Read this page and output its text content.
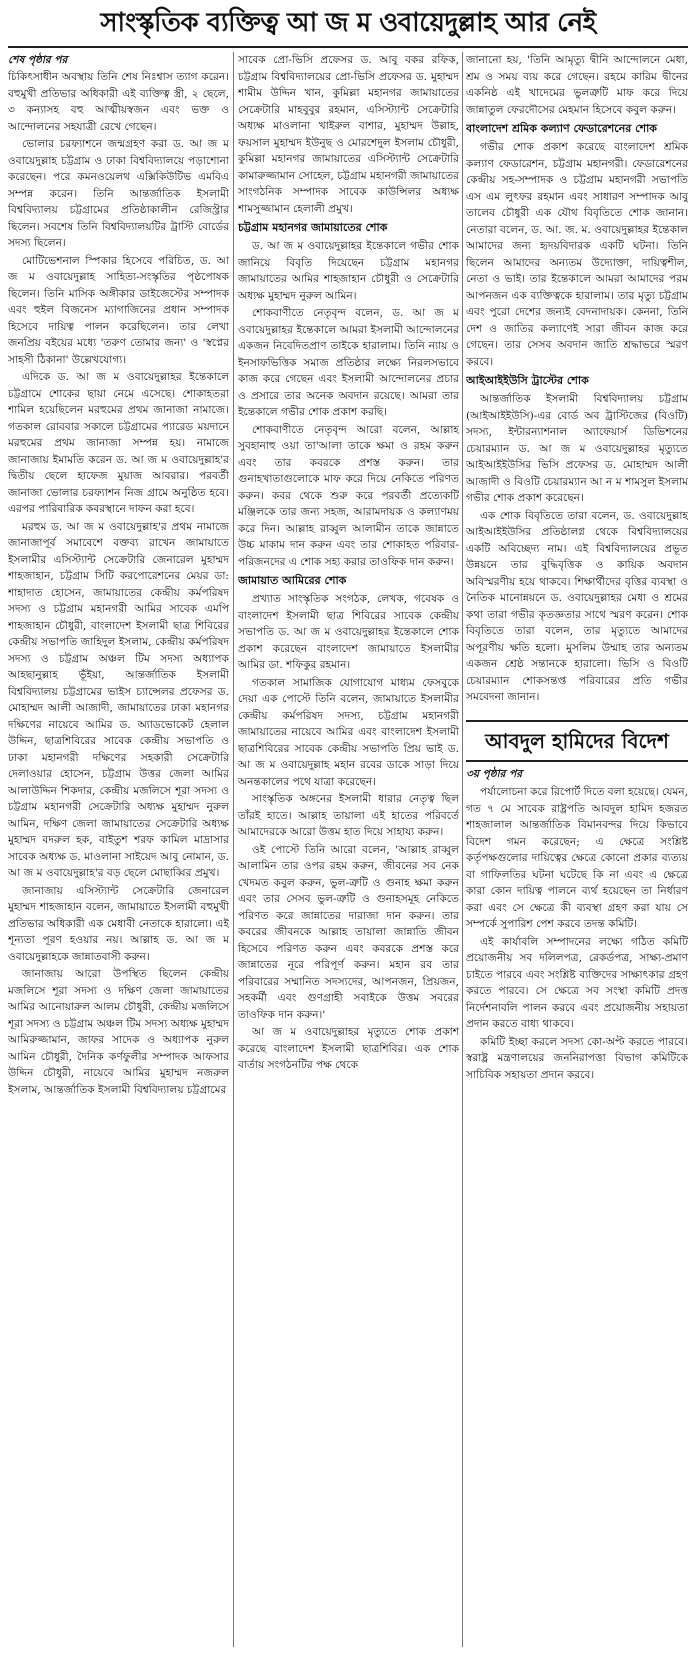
সাংস্কৃতিক ব্যক্তিত্ব আ জ ম ওবায়েদুল্লাহ আর নেই
শেষ পৃষ্ঠার পর

চিকিৎসাধীন অবস্থায় তিনি শেষ নিঃশ্বাস ত্যাগ করেন। বহুমুখী প্রতিভার অধিকারী এই ব্যক্তিত্ব স্ত্রী, ২ ছেলে, ৩ কন্যাসহ বহু আত্মীয়স্বজন এবং ভক্ত ও আন্দোলনের সহযাত্রী রেখে গেছেন।

ভোলার চরফ্যাশনে জন্মগ্রহণ করা ড. আ জ ম ওবায়েদুল্লাহ চট্টগ্রাম ও ঢাকা বিশ্ববিদ্যালয়ে পড়াশোনা করেছেন। পরে কমনওয়েলথ এক্সিকিউটিভ এমবিএ সম্পন্ন করেন। তিনি আন্তর্জাতিক ইসলামী বিশ্ববিদ্যালয় চট্টগ্রামের প্রতিষ্ঠাকালীন রেজিস্ট্রার ছিলেন। সবশেষ তিনি বিশ্ববিদ্যালয়টির ট্রাস্টি বোর্ডের সদস্য ছিলেন।

মোটিভেশনাল স্পিকার হিসেবে পরিচিত, ড. আ জ ম ওবায়েদুল্লাহ সাহিত্য-সংস্কৃতির পৃষ্ঠপোষক ছিলেন। তিনি মাসিক অঙ্গীকার ডাইজেস্টের সম্পাদক এবং হুইল বিজনেস ম্যাগাজিনের প্রধান সম্পাদক হিসেবে দায়িত্ব পালন করেছিলেন। তার লেখা জনপ্রিয় বইয়ের মধ্যে 'তরুণ তোমার জন্য' ও 'স্বপ্নের সাহসী ঠিকানা' উল্লেখযোগ্য।

এদিকে ড. আ জ ম ওবায়েদুল্লাহর ইন্তেকালে চট্টগ্রামে শোকের ছায়া নেমে এসেছে। শোকাহতরা শামিল হয়েছিলেন মরহুমের প্রথম জানাজা নামাজে। গতকাল রোববার সকালে চট্টগ্রামের প্যারেড ময়দানে মরহুমের প্রথম জানাজা সম্পন্ন হয়। নামাজে জানাজায় ইমামতি করেন ড. আ জ ম ওবায়েদুল্লাহ'র দ্বিতীয় ছেলে হাফেজ মুয়াজ আবরার। পরবর্তী জানাজা ভোলার চরফ্যাশন নিজ গ্রামে অনুষ্ঠিত হবে। এরপর পারিবারিক কবরস্থানে দাফন করা হবে।

মরহুম ড. আ জ ম ওবায়েদুল্লাহ'র প্রথম নামাজে জানাজাপূর্ব সমাবেশে বক্তব্য রাখেন জামায়াতে ইসলামীর এসিস্ট্যান্ট সেক্রেটারি জেনারেল মুহাম্মদ শাহজাহান, চট্টগ্রাম সিটি করপোরেশনের মেয়র ডা: শাহাদাত হোসেন, জামায়াতের কেন্দ্রীয় কর্মপরিষদ সদস্য ও চট্টগ্রাম মহানগরী আমির সাবেক এমপি শাহজাহান চৌধুরী, বাংলাদেশ ইসলামী ছাত্র শিবিরের কেন্দ্রীয় সভাপতি জাহিদুল ইসলাম, কেন্দ্রীয় কর্মপরিষদ সদস্য ও চট্টগ্রাম অঞ্চল টিম সদস্য অধ্যাপক আহছানুল্লাহ ভূঁইয়া, আন্তর্জাতিক ইসলামী বিশ্ববিদ্যালয় চট্টগ্রামের ভাইস চ্যান্সেলর প্রফেসর ড. মোহাম্মদ আলী আজাদী, জামায়াতের ঢাকা মহানগর দক্ষিণের নায়েবে আমির ড. অ্যাডভোকেট হেলাল উদ্দিন, ছাত্রশিবিরের সাবেক কেন্দ্রীয় সভাপতি ও ঢাকা মহানগরী দক্ষিণের সহকারী সেক্রেটারি দেলাওয়ার হোসেন, চট্টগ্রাম উত্তর জেলা আমির আলাউদ্দিন শিকদার, কেন্দ্রীয় মজলিসে শূরা সদস্য ও চট্টগ্রাম মহানগরী সেক্রেটারি অধ্যক্ষ মুহাম্মদ নুরুল আমিন, দক্ষিণ জেলা জামায়াতের সেক্রেটারি অধ্যক্ষ মুহাম্মদ বদরুল হক, বাইতুশ শরফ কামিল মাদ্রাসার সাবেক অধ্যক্ষ ড. মাওলানা সাইয়েদ আবু নোমান, ড. আ জ ম ওবায়েদুল্লাহ'র বড় ছেলে মোছাব্বির প্রমুখ।

জানাজায় এসিস্ট্যান্ট সেক্রেটারি জেনারেল মুহাম্মদ শাহজাহান বলেন, জামায়াতে ইসলামী বহুমুখী প্রতিভার অধিকারী এক মেধাবী নেতাকে হারালো। এই শূন্যতা পূরণ হওয়ার নয়। আল্লাহ ড. আ জ ম ওবায়েদুল্লাহকে জান্নাতবাসী করুন।

জানাজায় আরো উপস্থিত ছিলেন কেন্দ্রীয় মজলিসে শূরা সদস্য ও দক্ষিণ জেলা জামায়াতের আমির আনোয়ারুল আলম চৌধুরী, কেন্দ্রীয় মজলিসে শূরা সদস্য ও চট্টগ্রাম অঞ্চল টিম সদস্য অধ্যক্ষ মুহাম্মদ আমিরুজ্জামান, জাফর সাদেক ও অধ্যাপক নুরুল আমিন চৌধুরী, দৈনিক কর্ণফুলীর সম্পাদক আফসার উদ্দিন চৌধুরী, নায়েবে আমির মুহাম্মদ নজরুল ইসলাম, আন্তর্জাতিক ইসলামী বিশ্ববিদ্যালয় চট্টগ্রামের

সাবেক প্রো-ভিসি প্রফেসর ড. আবু বকর রফিক, চট্টগ্রাম বিশ্ববিদ্যালয়ের প্রো-ভিসি প্রফেসর ড. মুহাম্মদ শামীম উদ্দিন খান, কুমিল্লা মহানগর জামায়াতের সেক্রেটারি মাহবুবুর রহমান, এসিস্ট্যান্ট সেক্রেটারি অধ্যক্ষ মাওলানা খাইরুল বাশার, মুহাম্মদ উল্লাহ, ফয়সাল মুহাম্মদ ইউনুছ ও মোরশেদুল ইসলাম চৌধুরী, কুমিল্লা মহানগর জামায়াতের এসিস্ট্যান্ট সেক্রেটারি কামারুজ্জামান সোহেল, চট্টগ্রাম মহানগরী জামায়াতের সাংগঠনিক সম্পাদক সাবেক কাউন্সিলর অধ্যক্ষ শামসুজ্জামান হেলালী প্রমুখ।

চট্টগ্রাম মহানগর জামায়াতের শোক

ড. আ জ ম ওবায়েদুল্লাহর ইন্তেকালে গভীর শোক জানিয়ে বিবৃতি দিয়েছেন চট্টগ্রাম মহানগর জামায়াতের আমির শাহজাহান চৌধুরী ও সেক্রেটারি অধ্যক্ষ মুহাম্মদ নুরুল আমিন।

শোকবাণীতে নেতৃবৃন্দ বলেন, ড. আ জ ম ওবায়েদুল্লাহর ইন্তেকালে আমরা ইসলামী আন্দোলনের একজন নিবেদিতপ্রাণ তাইকে হারালাম। তিনি ন্যায় ও ইনসাফভিত্তিক সমাজ প্রতিষ্ঠার লক্ষ্যে নিরলসভাবে কাজ করে গেছেন এবং ইসলামী আন্দোলনের প্রচার ও প্রসারে তার অনেক অবদান রয়েছে। আমরা তার ইন্তেকালে গভীর শোক প্রকাশ করছি।

শোকবাণীতে নেতৃবৃন্দ আরো বলেন, আল্লাহ সুবহানাহু ওয়া তা'আলা তাকে ক্ষমা ও রহম করুন এবং তার কবরকে প্রশস্ত করুন। তার গুনাহখাতাগুলোকে মাফ করে দিয়ে নেকিতে পরিণত করুন। কবর থেকে শুরু করে পরবর্তী প্রত্যেকটি মঞ্জিলকে তার জন্য সহজ, আরামদায়ক ও কল্যাণময় করে দিন। আল্লাহ রাব্বুল আলামীন তাকে জান্নাতে উচ্চ মাকাম দান করুন এবং তার শোকাহত পরিবার-পরিজনদের এ শোক সহ্য করার তাওফিক দান করুন।

জামায়াত আমিরের শোক

প্রখ্যাত সাংস্কৃতিক সংগঠক, লেখক, গবেষক ও বাংলাদেশ ইসলামী ছাত্র শিবিরের সাবেক কেন্দ্রীয় সভাপতি ড. আ জ ম ওবায়েদুল্লাহর ইন্তেকালে শোক প্রকাশ করেছেন বাংলাদেশ জামায়াতে ইসলামীর আমির ডা. শফিকুর রহমান।

গতকাল সামাজিক যোগাযোগ মাধ্যম ফেসবুকে দেয়া এক পোস্টে তিনি বলেন, জামায়াতে ইসলামীর কেন্দ্রীয় কর্মপরিষদ সদস্য, চট্টগ্রাম মহানগরী জামায়াতের নায়েবে আমির এবং বাংলাদেশ ইসলামী ছাত্রশিবিরের সাবেক কেন্দ্রীয় সভাপতি প্রিয় ভাই ড. আ জ ম ওবায়েদুল্লাহ মহান রবের ডাকে সাড়া দিয়ে অনন্তকালের পথে যাত্রা করেছেন।

সাংস্কৃতিক অঙ্গনের ইসলামী ধারার নেতৃত্ব ছিল তাঁরই হাতে। আল্লাহ তায়ালা এই হাতের পরিবর্তে আমাদেরকে আরো উত্তম হাত দিয়ে সাহায্য করুন।

ওই পোস্টে তিনি আরো বলেন, 'আল্লাহ রাব্বুল আলামিন তার ওপর রহম করুন, জীবনের সব নেক খেদমত কবুল করুন, ভুল-ত্রুটি ও গুনাহ ক্ষমা করুন এবং তার সেসব ভুল-ত্রুটি ও গুনাহসমূহ নেকিতে পরিণত করে জান্নাতের দারাজা দান করুন। তার কবরের জীবনকে আল্লাহ তায়ালা জান্নাতি জীবন হিসেবে পরিণত করুন এবং কবরকে প্রশস্ত করে জান্নাতের নূরে পরিপূর্ণ করুন। মহান রব তার পরিবারের সম্মানিত সদস্যদের, আপনজন, প্রিয়জন, সহকর্মী এবং গুণগ্রাহী সবাইকে উত্তম সবরের তাওফিক দান করুন।'

আ জ ম ওবায়েদুল্লাহর মৃত্যুতে শোক প্রকাশ করেছে বাংলাদেশ ইসলামী ছাত্রশিবির। এক শোক বার্তায় সংগঠনটির পক্ষ থেকে

জানানো হয়, 'তিনি আমৃত্যু দ্বীনি আন্দোলনে মেধা, শ্রম ও সময় ব্যয় করে গেছেন। রহমে কারিম দ্বীনের একনিষ্ঠ এই খাদেমের ভুলত্রুটি মাফ করে দিয়ে জান্নাতুল ফেরদৌসের মেহমান হিসেবে কবুল করুন।

বাংলাদেশ শ্রমিক কল্যাণ ফেডারেশনের শোক

গভীর শোক প্রকাশ করেছে বাংলাদেশ শ্রমিক কল্যাণ ফেডারেশন, চট্টগ্রাম মহানগরী। ফেডারেশনের কেন্দ্রীয় সহ-সম্পাদক ও চট্টগ্রাম মহানগরী সভাপতি এস এম লুৎফর রহমান এবং সাধারণ সম্পাদক আবু তালেব চৌধুরী এক যৌথ বিবৃতিতে শোক জানান। নেতারা বলেন, ড. আ. জ. ম. ওবায়েদুল্লাহর ইন্তেকাল আমাদের জন্য হৃদয়বিদারক একটি ঘটনা। তিনি ছিলেন আমাদের অন্যতম উদ্যোক্তা, দায়িত্বশীল, নেতা ও ভাই। তার ইন্তেকালে আমরা আমাদের পরম আপনজন এক ব্যক্তিত্বকে হারালাম। তার মৃত্যু চট্টগ্রাম এবং পুরো দেশের জন্যই বেদনাদায়ক। কেননা, তিনি দেশ ও জাতির কল্যাণেই সারা জীবন কাজ করে গেছেন। তার সেসব অবদান জাতি শ্রদ্ধাভরে স্মরণ করবে।

আইআইইউসি ট্রাস্টের শোক

আন্তর্জাতিক ইসলামী বিশ্ববিদ্যালয় চট্টগ্রাম (আইআইইউসি)-এর বোর্ড অব ট্রাস্টিজের (বিওটি) সদস্য, ইন্টারন্যাশনাল অ্যাফেয়ার্স ডিভিশনের চেয়ারম্যান ড. আ জ ম ওবায়েদুল্লাহর মৃত্যুতে আইআইইউসির ভিসি প্রফেসর ড. মোহাম্মদ আলী আজাদী ও বিওটি চেয়ারম্যান আ ন ম শামসুল ইসলাম গভীর শোক প্রকাশ করেছেন।

এক শোক বিবৃতিতে তারা বলেন, ড. ওবায়েদুল্লাহ আইআইইউসির প্রতিষ্ঠালগ্ন থেকে বিশ্ববিদ্যালয়ের একটি অবিচ্ছেদ্য নাম। এই বিশ্ববিদ্যালয়ের প্রভূত উন্নয়নে তার বুদ্ধিবৃত্তিক ও কায়িক অবদান অবিস্মরণীয় হয়ে থাকবে। শিক্ষার্থীদের বৃত্তির ব্যবস্থা ও নৈতিক মানোন্নয়নে ড. ওবায়েদুল্লাহর মেধা ও শ্রমের কথা তারা গভীর কৃতজ্ঞতার সাথে স্মরণ করেন। শোক বিবৃতিতে তারা বলেন, তার মৃত্যুতে আমাদের অপূরণীয় ক্ষতি হলো। মুসলিম উম্মাহ তার অন্যতম একজন শ্রেষ্ঠ সন্তানকে হারালো। ভিসি ও বিওটি চেয়ারম্যান শোকসন্তপ্ত পরিবারের প্রতি গভীর সমবেদনা জানান।

আবদুল হামিদের বিদেশ
৩য় পৃষ্ঠার পর

পর্যালোচনা করে রিপোর্ট দিতে বলা হয়েছে। যেমন, গত ৭ মে সাবেক রাষ্ট্রপতি আবদুল হামিদ হজরত শাহজালাল আন্তর্জাতিক বিমানবন্দর দিয়ে কিভাবে বিদেশ গমন করেছেন; এ ক্ষেত্রে সংশ্লিষ্ট কর্তৃপক্ষগুলোর দায়িত্বের ক্ষেত্রে কোনো প্রকার ব্যত্যয় বা গাফিলতির ঘটনা ঘটেছে কি না এবং এ ক্ষেত্রে কারা কোন দায়িত্ব পালনে ব্যর্থ হয়েছেন তা নির্ধারণ করা এবং সে ক্ষেত্রে কী ব্যবস্থা গ্রহণ করা যায় সে সম্পর্কে সুপারিশ পেশ করবে তদন্ত কমিটি।

এই কার্যাবলি সম্পাদনের লক্ষ্যে গঠিত কমিটি প্রয়োজনীয় সব দলিলপত্র, রেকর্ডপত্র, সাক্ষ্য-প্রমাণ চাইতে পারবে এবং সংশ্লিষ্ট ব্যক্তিদের সাক্ষাৎকার গ্রহণ করতে পারবে। সে ক্ষেত্রে সব সংস্থা কমিটি প্রদত্ত নির্দেশনাবলি পালন করবে এবং প্রয়োজনীয় সহায়তা প্রদান করতে বাধ্য থাকবে।

কমিটি ইচ্ছা করলে সদস্য কো-অপ্ট করতে পারবে। স্বরাষ্ট্র মন্ত্রণালয়ের জননিরাপত্তা বিভাগ কমিটিকে সাচিবিক সহায়তা প্রদান করবে।
